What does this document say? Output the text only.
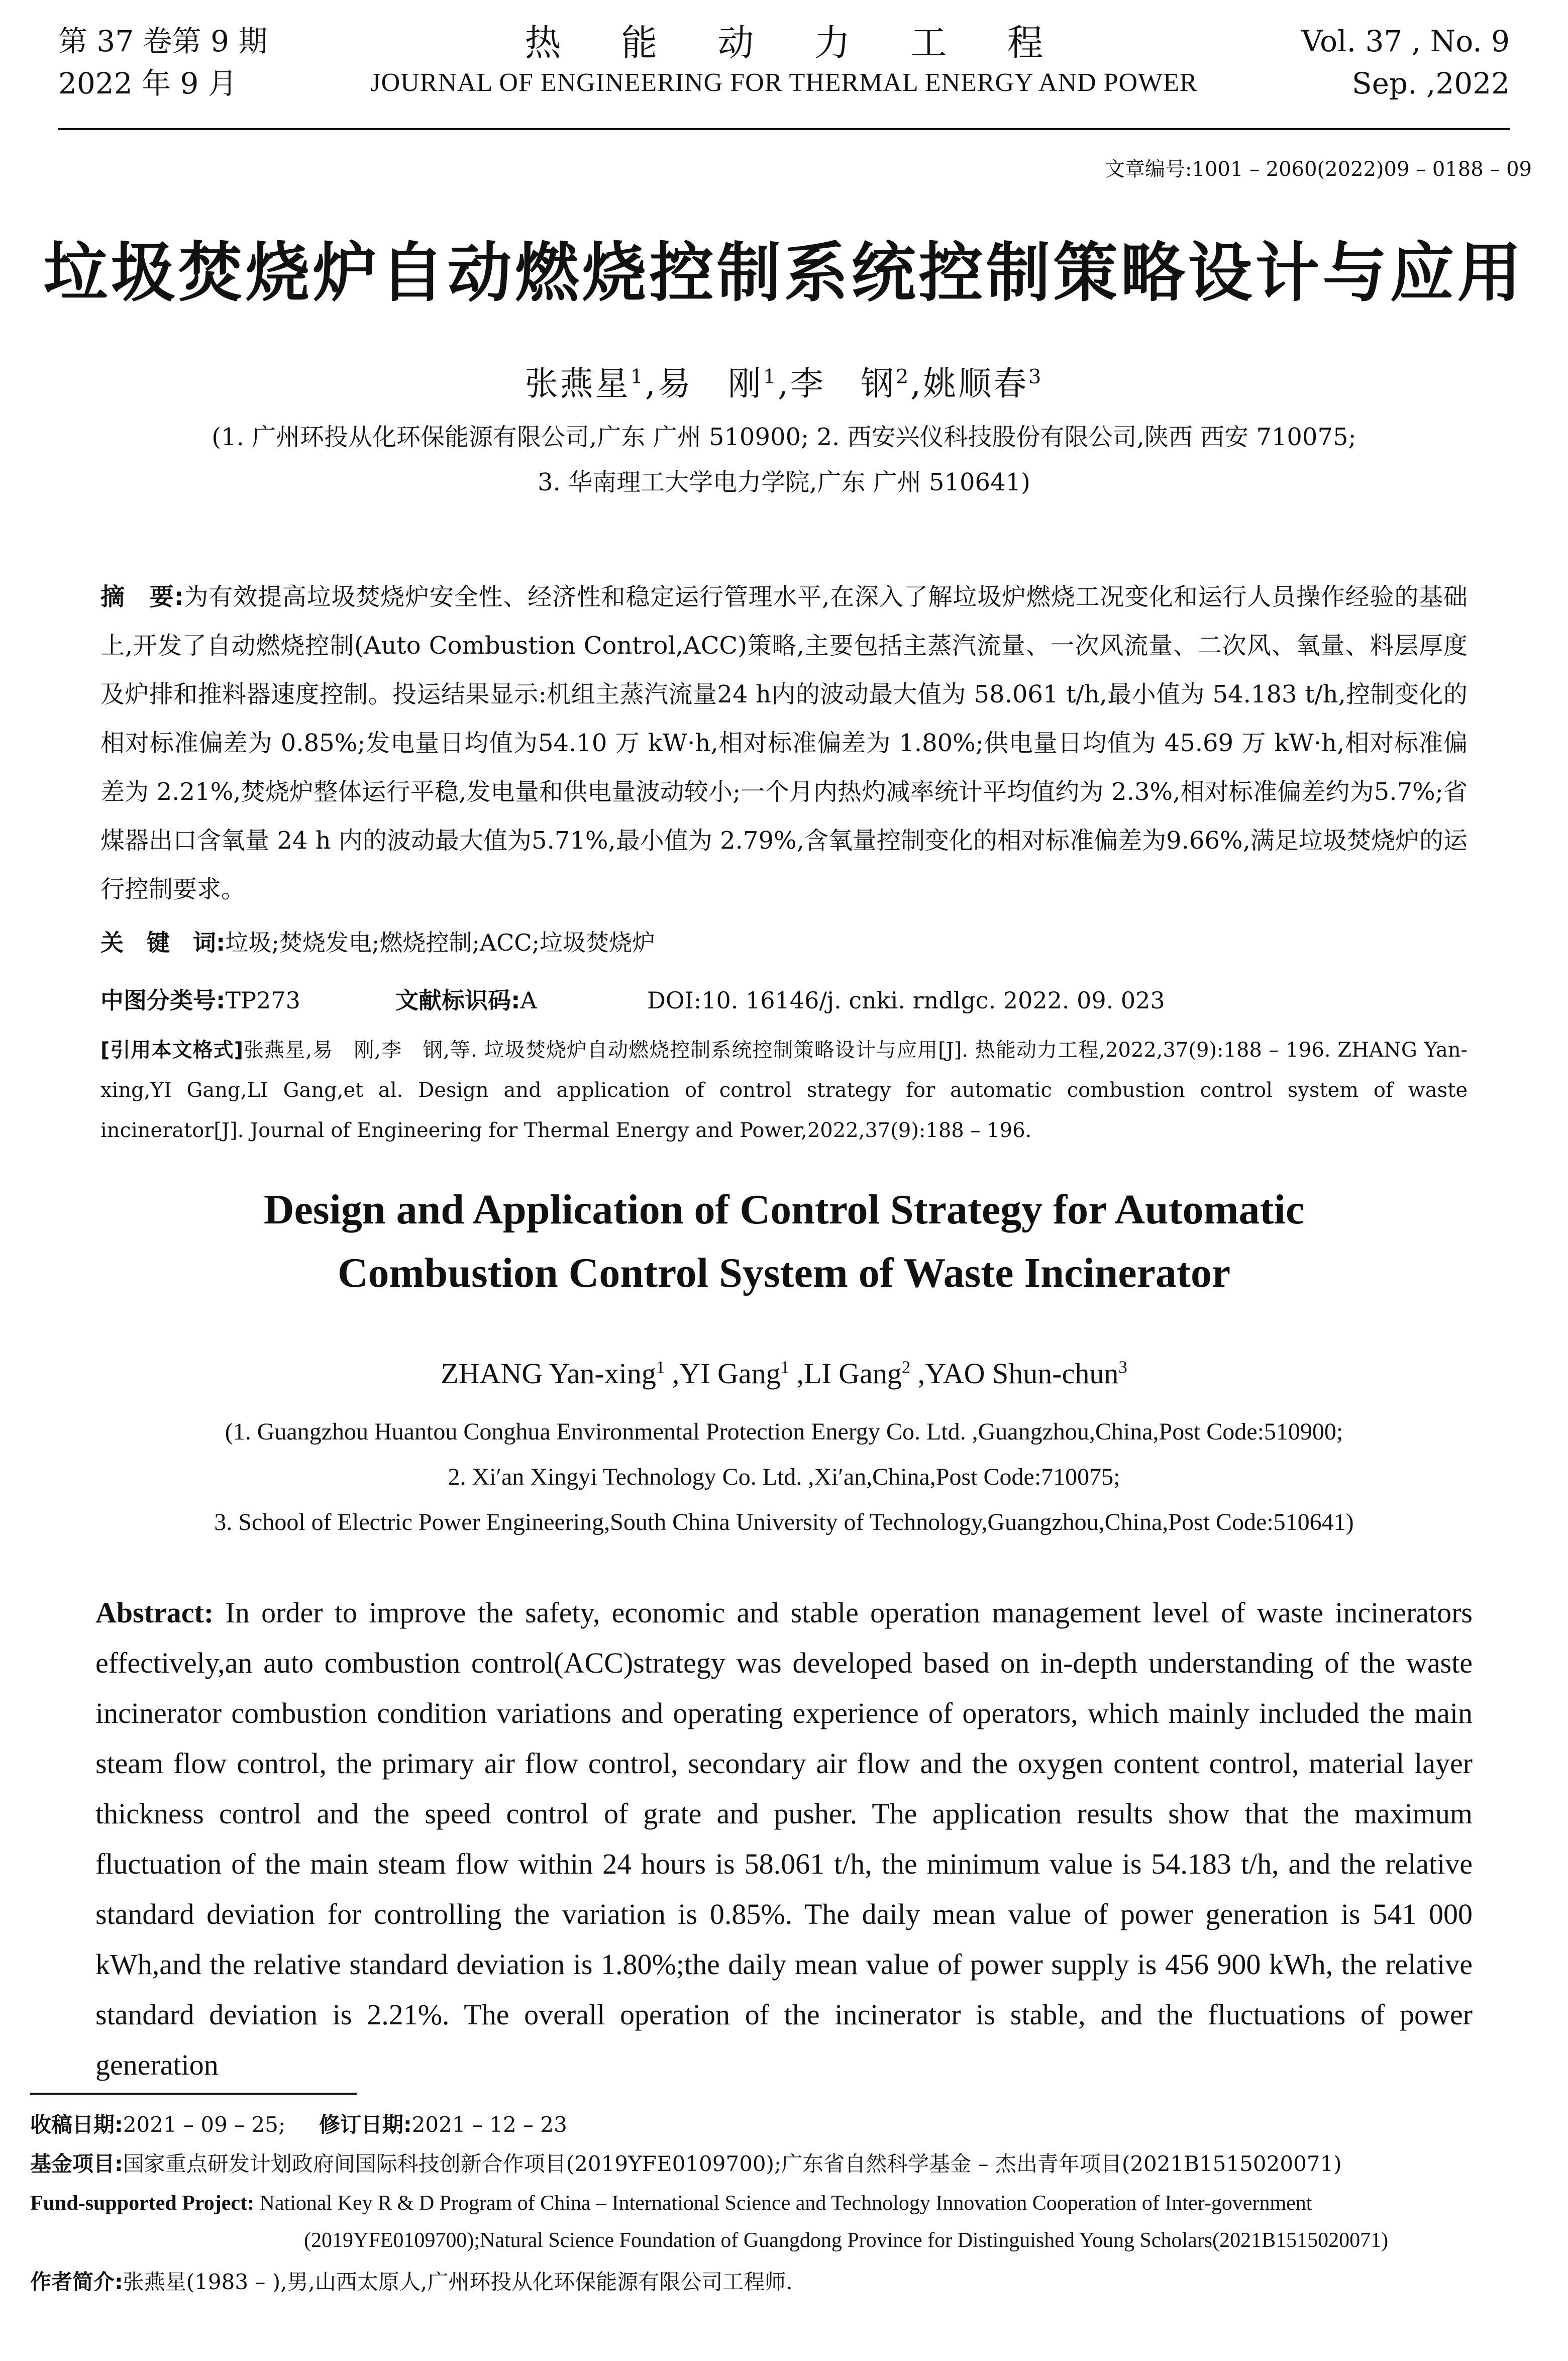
第 37 卷第 9 期
2022 年 9 月
热能动力工程
JOURNAL OF ENGINEERING FOR THERMAL ENERGY AND POWER
Vol. 37 , No. 9
Sep. ,2022
文章编号:1001 – 2060(2022)09 – 0188 – 09
垃圾焚烧炉自动燃烧控制系统控制策略设计与应用
张燕星$^1$,易　刚$^1$,李　钢$^2$,姚顺春$^3$
(1. 广州环投从化环保能源有限公司,广东 广州 510900; 2. 西安兴仪科技股份有限公司,陕西 西安 710075;
3. 华南理工大学电力学院,广东 广州 510641)
摘　要:为有效提高垃圾焚烧炉安全性、经济性和稳定运行管理水平,在深入了解垃圾炉燃烧工况变化和运行人员操作经验的基础上,开发了自动燃烧控制(Auto Combustion Control,ACC)策略,主要包括主蒸汽流量、一次风流量、二次风、氧量、料层厚度及炉排和推料器速度控制。投运结果显示:机组主蒸汽流量24 h内的波动最大值为 58.061 t/h,最小值为 54.183 t/h,控制变化的相对标准偏差为 0.85%;发电量日均值为54.10 万 kW·h,相对标准偏差为 1.80%;供电量日均值为 45.69 万 kW·h,相对标准偏差为 2.21%,焚烧炉整体运行平稳,发电量和供电量波动较小;一个月内热灼减率统计平均值约为 2.3%,相对标准偏差约为5.7%;省煤器出口含氧量 24 h 内的波动最大值为5.71%,最小值为 2.79%,含氧量控制变化的相对标准偏差为9.66%,满足垃圾焚烧炉的运行控制要求。
关　键　词:垃圾;焚烧发电;燃烧控制;ACC;垃圾焚烧炉
中图分类号:TP273	文献标识码:A	DOI:10. 16146/j. cnki. rndlgc. 2022. 09. 023
[引用本文格式]张燕星,易　刚,李　钢,等. 垃圾焚烧炉自动燃烧控制系统控制策略设计与应用[J]. 热能动力工程,2022,37(9):188 – 196. ZHANG Yan-xing,YI Gang,LI Gang,et al. Design and application of control strategy for automatic combustion control system of waste incinerator[J]. Journal of Engineering for Thermal Energy and Power,2022,37(9):188 – 196.
Design and Application of Control Strategy for Automatic
Combustion Control System of Waste Incinerator
ZHANG Yan-xing$^1$ ,YI Gang$^1$ ,LI Gang$^2$ ,YAO Shun-chun$^3$
(1. Guangzhou Huantou Conghua Environmental Protection Energy Co. Ltd. ,Guangzhou,China,Post Code:510900;
2. Xi′an Xingyi Technology Co. Ltd. ,Xi′an,China,Post Code:710075;
3. School of Electric Power Engineering,South China University of Technology,Guangzhou,China,Post Code:510641)
Abstract: In order to improve the safety, economic and stable operation management level of waste incinerators effectively,an auto combustion control(ACC)strategy was developed based on in-depth understanding of the waste incinerator combustion condition variations and operating experience of operators, which mainly included the main steam flow control, the primary air flow control, secondary air flow and the oxygen content control, material layer thickness control and the speed control of grate and pusher. The application results show that the maximum fluctuation of the main steam flow within 24 hours is 58.061 t/h, the minimum value is 54.183 t/h, and the relative standard deviation for controlling the variation is 0.85%. The daily mean value of power generation is 541 000 kWh,and the relative standard deviation is 1.80%;the daily mean value of power supply is 456 900 kWh, the relative standard deviation is 2.21%. The overall operation of the incinerator is stable, and the fluctuations of power generation
收稿日期:2021 – 09 – 25; 修订日期:2021 – 12 – 23
基金项目:国家重点研发计划政府间国际科技创新合作项目(2019YFE0109700);广东省自然科学基金 – 杰出青年项目(2021B1515020071)
Fund-supported Project: National Key R & D Program of China – International Science and Technology Innovation Cooperation of Inter-government
(2019YFE0109700);Natural Science Foundation of Guangdong Province for Distinguished Young Scholars(2021B1515020071)
作者简介:张燕星(1983 – ),男,山西太原人,广州环投从化环保能源有限公司工程师.
